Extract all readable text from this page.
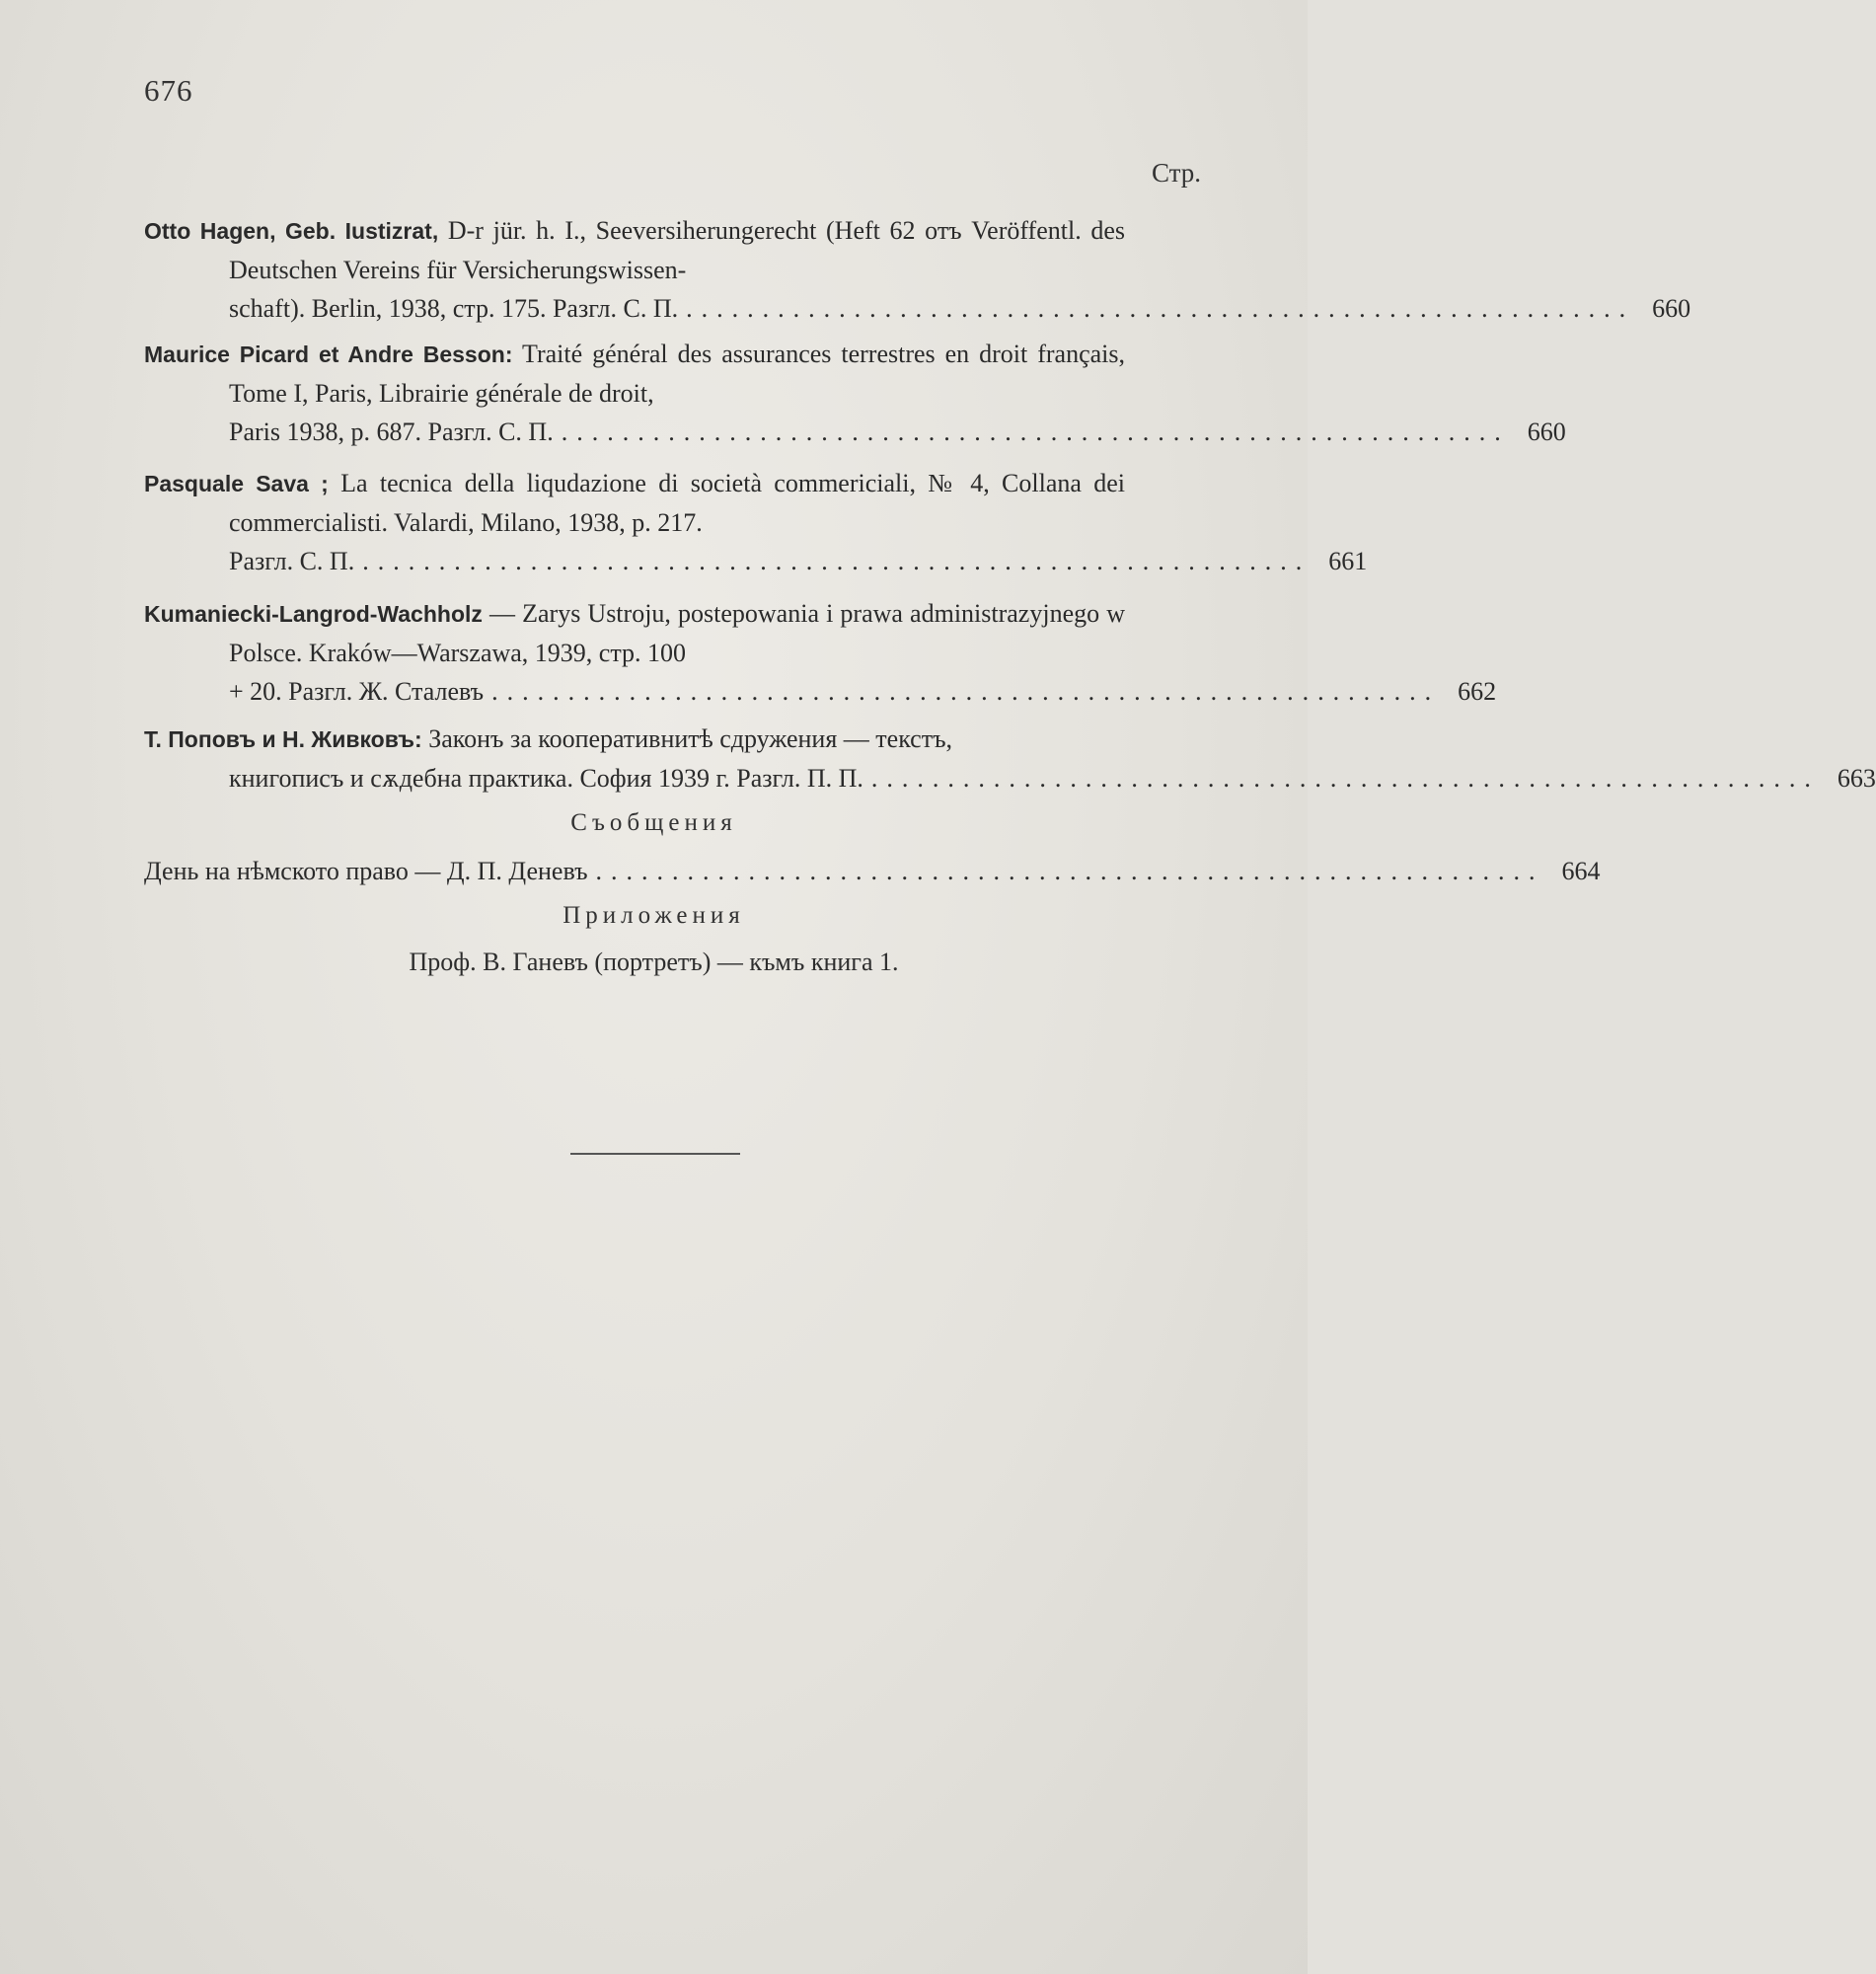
676
Стр.
Otto Hagen, Geb. Iustizrat, D-r jür. h. I., Seeversiherungerecht (Heft 62 отъ Veröffentl. des Deutschen Vereins für Versicherungswissen-
schaft). Berlin, 1938, стр. 175. Разгл. С. П. .............................................................. 660
Maurice Picard et Andre Besson: Traité général des assurances terrestres en droit français, Tome I, Paris, Librairie générale de droit,
Paris 1938, p. 687. Разгл. С. П. .............................................................. 660
Pasquale Sava ; La tecnica della liqudazione di società commericiali, № 4, Collana dei commercialisti. Valardi, Milano, 1938, p. 217.
Разгл. С. П. .............................................................. 661
Kumaniecki-Langrod-Wachholz — Zarys Ustroju, postepowania i prawa administrazyjnego w Polsce. Kraków—Warszawa, 1939, стр. 100
+ 20. Разгл. Ж. Сталевъ .............................................................. 662
Т. Поповъ и Н. Живковъ: Законъ за кооперативнитѣ сдружения — текстъ,
книгописъ и сѫдебна практика. София 1939 г. Разгл. П. П. .............................................................. 663
Съобщения
День на нѣмското право — Д. П. Деневъ .............................................................. 664
Приложения
Проф. В. Ганевъ (портретъ) — къмъ книга 1.
